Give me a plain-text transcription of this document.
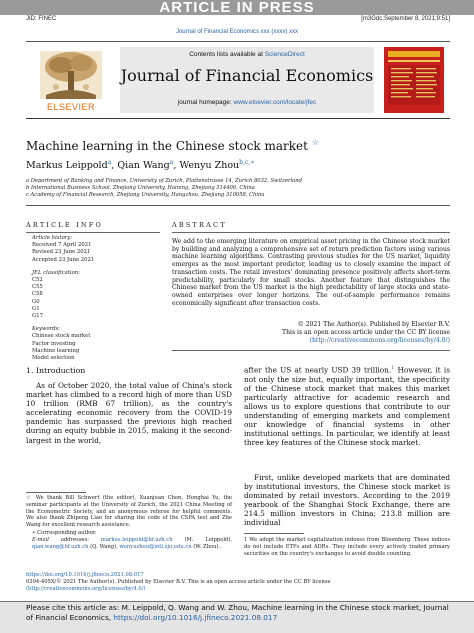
ARTICLE IN PRESS
JID: FINEC	[m3Gdc;September 8, 2021;9:51]
Journal of Financial Economics xxx (xxxx) xxx
ELSEVIER
Contents lists available at ScienceDirect
Journal of Financial Economics
journal homepage: www.elsevier.com/locate/jfec
Machine learning in the Chinese stock market ☆
Markus Leippold$^a$, Qian Wang$^a$, Wenyu Zhou$^{b,c,∗}$
a Department of Banking and Finance, University of Zurich, Plattenstrasse 14, Zurich 8032, Switzerland
b International Business School, Zhejiang University, Haining, Zhejiang 314400, China
c Academy of Financial Research, Zhejiang University, Hangzhou, Zhejiang 310058, China
ARTICLE INFO
Article history:
Received 7 April 2021
Revised 23 June 2021
Accepted 23 June 2021
JEL classification:
C52
C55
C58
G0
G1
G17
Keywords:
Chinese stock market
Factor investing
Machine learning
Model selection
ABSTRACT
We add to the emerging literature on empirical asset pricing in the Chinese stock market by building and analyzing a comprehensive set of return prediction factors using various machine learning algorithms. Contrasting previous studies for the US market, liquidity emerges as the most important predictor, leading us to closely examine the impact of transaction costs. The retail investors' dominating presence positively affects short-term predictability, particularly for small stocks. Another feature that distinguishes the Chinese market from the US market is the high predictability of large stocks and state-owned enterprises over longer horizons. The out-of-sample performance remains economically significant after transaction costs.
© 2021 The Author(s). Published by Elsevier B.V.
This is an open access article under the CC BY license
(http://creativecommons.org/licenses/by/4.0/)
1. Introduction
As of October 2020, the total value of China's stock market has climbed to a record high of more than USD 10 trillion (RMB 67 trillion), as the country's accelerating economic recovery from the COVID-19 pandemic has surpassed the previous high reached during an equity bubble in 2015, making it the second-largest in the world,
after the US at nearly USD 39 trillion.$^1$ However, it is not only the size but, equally important, the specificity of the Chinese stock market that makes this market particularly attractive for academic research and allows us to explore questions that contribute to our understanding of emerging markets and complement our knowledge of financial systems in other institutional settings. In particular, we identify at least three key features of the Chinese stock market.
First, unlike developed markets that are dominated by institutional investors, the Chinese stock market is dominated by retail investors. According to the 2019 yearbook of the Shanghai Stock Exchange, there are 214.5 million investors in China; 213.8 million are individual
☆ We thank Bill Schwert (the editor), Xuanjuan Chen, Honghai Yu, the seminar participants at the University of Zurich, the 2021 China Meeting of the Econometric Society, and an anonymous referee for helpful comments. We also thank Zhipeng Liao for sharing the code of the CSPA test and Zhe Wang for excellent research assistance.
∗ Corresponding author.
E-mail addresses: markus.leippold@bf.uzh.ch (M. Leippold), qian.wang@bf.uzh.ch (Q. Wang), wenyuzhou@intl.zju.edu.cn (W. Zhou).
1 We adopt the market capitalization indexes from Bloomberg. These indices do not include ETFs and ADRs. They include every actively traded primary securities on the country's exchanges to avoid double counting.
https://doi.org/10.1016/j.jfineco.2021.08.017
0304-405X/© 2021 The Author(s). Published by Elsevier B.V. This is an open access article under the CC BY license
(http://creativecommons.org/licenses/by/4.0/)
Please cite this article as: M. Leippold, Q. Wang and W. Zhou, Machine learning in the Chinese stock market, Journal of Financial Economics, https://doi.org/10.1016/j.jfineco.2021.08.017
